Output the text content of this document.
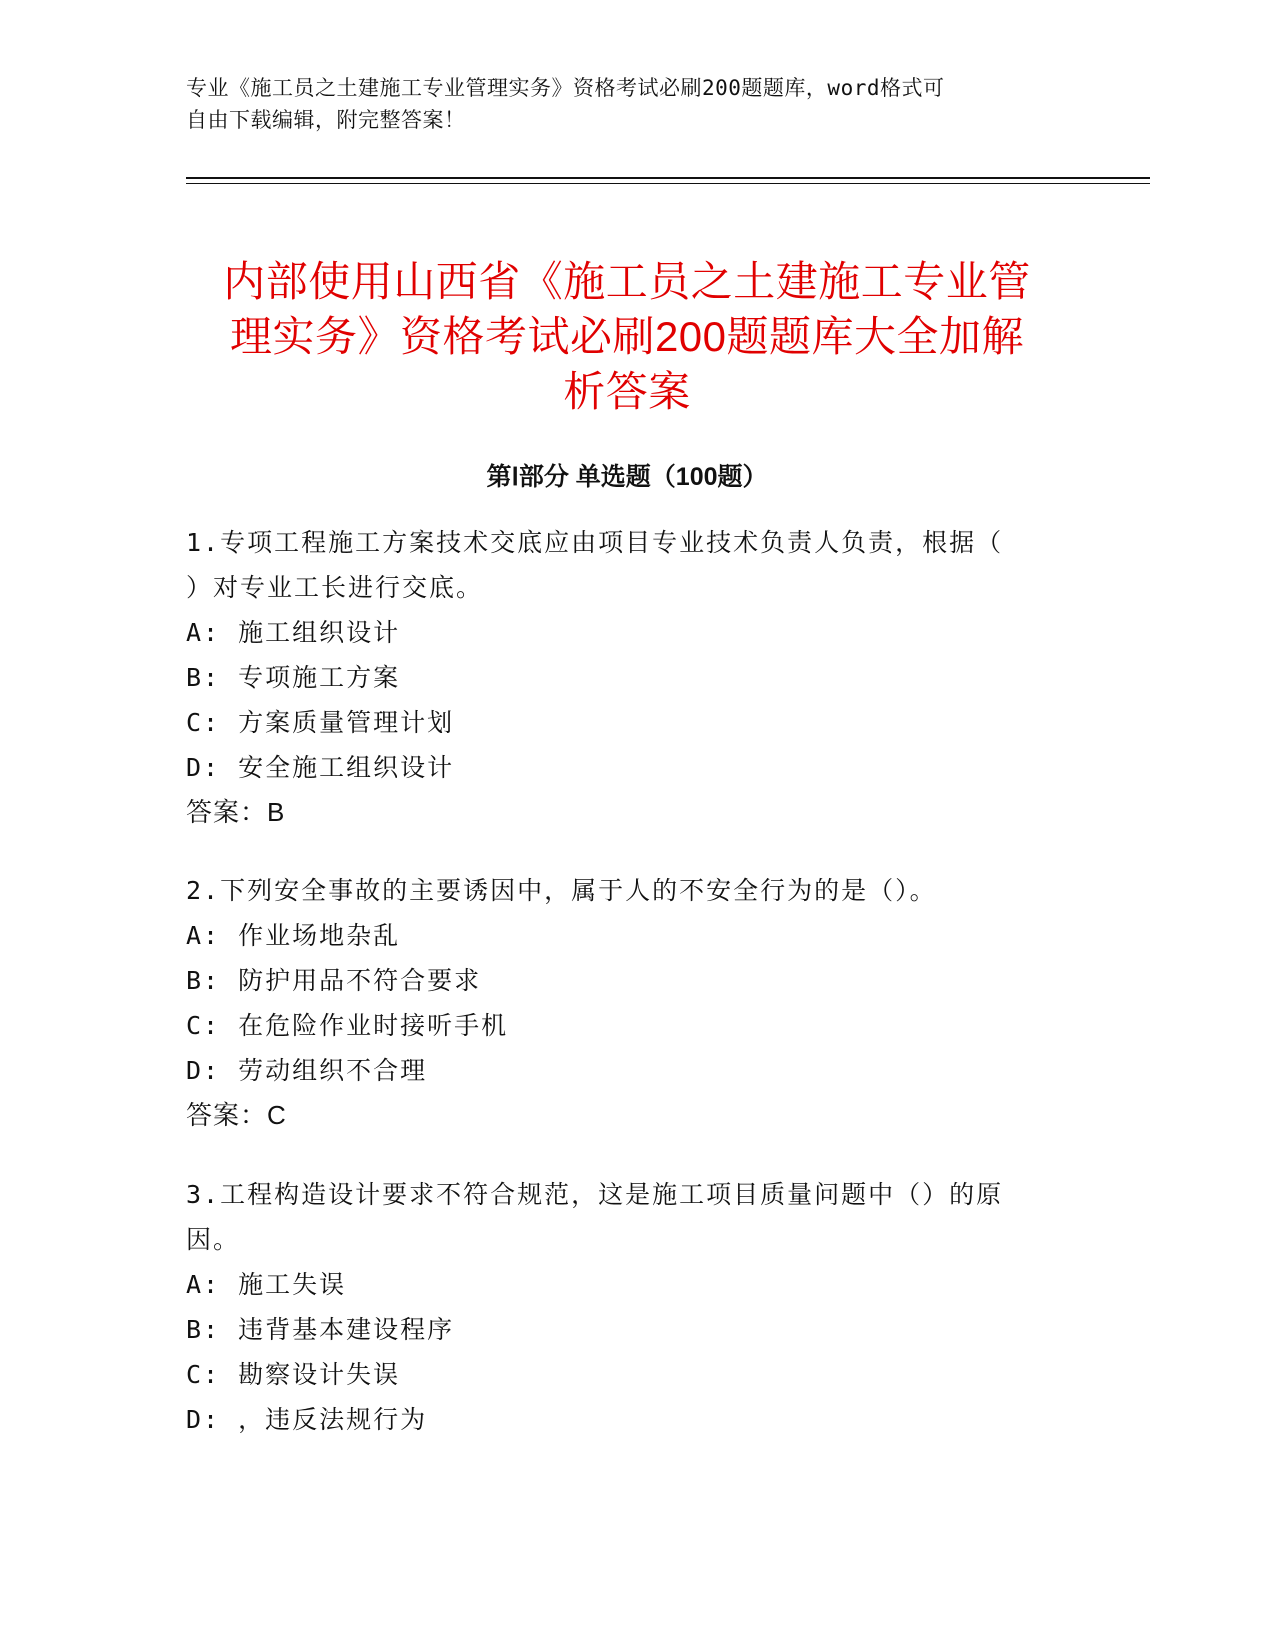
专业《施工员之土建施工专业管理实务》资格考试必刷200题题库，word格式可
自由下载编辑，附完整答案！
内部使用山西省《施工员之土建施工专业管
理实务》资格考试必刷200题题库大全加解
析答案
第Ⅰ部分 单选题（100题）

1.专项工程施工方案技术交底应由项目专业技术负责人负责，根据（

）对专业工长进行交底。

A: 施工组织设计

B: 专项施工方案

C: 方案质量管理计划

D: 安全施工组织设计

答案：B

2.下列安全事故的主要诱因中，属于人的不安全行为的是（）。

A: 作业场地杂乱

B: 防护用品不符合要求

C: 在危险作业时接听手机

D: 劳动组织不合理

答案：C

3.工程构造设计要求不符合规范，这是施工项目质量问题中（）的原

因。

A: 施工失误

B: 违背基本建设程序

C: 勘察设计失误

D: ，违反法规行为
